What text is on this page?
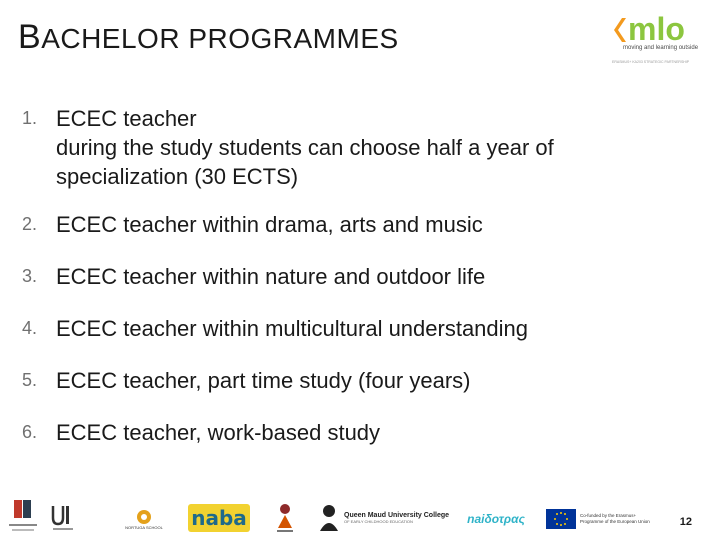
BACHELOR PROGRAMMES	mlo
moving and learning outside
ERASMUS+ KA203 STRATEGIC PARTNERSHIP
1. ECEC teacher
during the study students can choose half a year of
specialization (30 ECTS)
2. ECEC teacher within drama, arts and music
3. ECEC teacher within nature and outdoor life
4. ECEC teacher within multicultural understanding
5. ECEC teacher, part time study (four years)
6. ECEC teacher, work-based study
NORTUGA SCHOOL naba	Queen Maud University College
OF EARLY CHILDHOOD EDUCATION	naiδοτρας	Co-funded by the Erasmus+ Programme of the European Union	12
